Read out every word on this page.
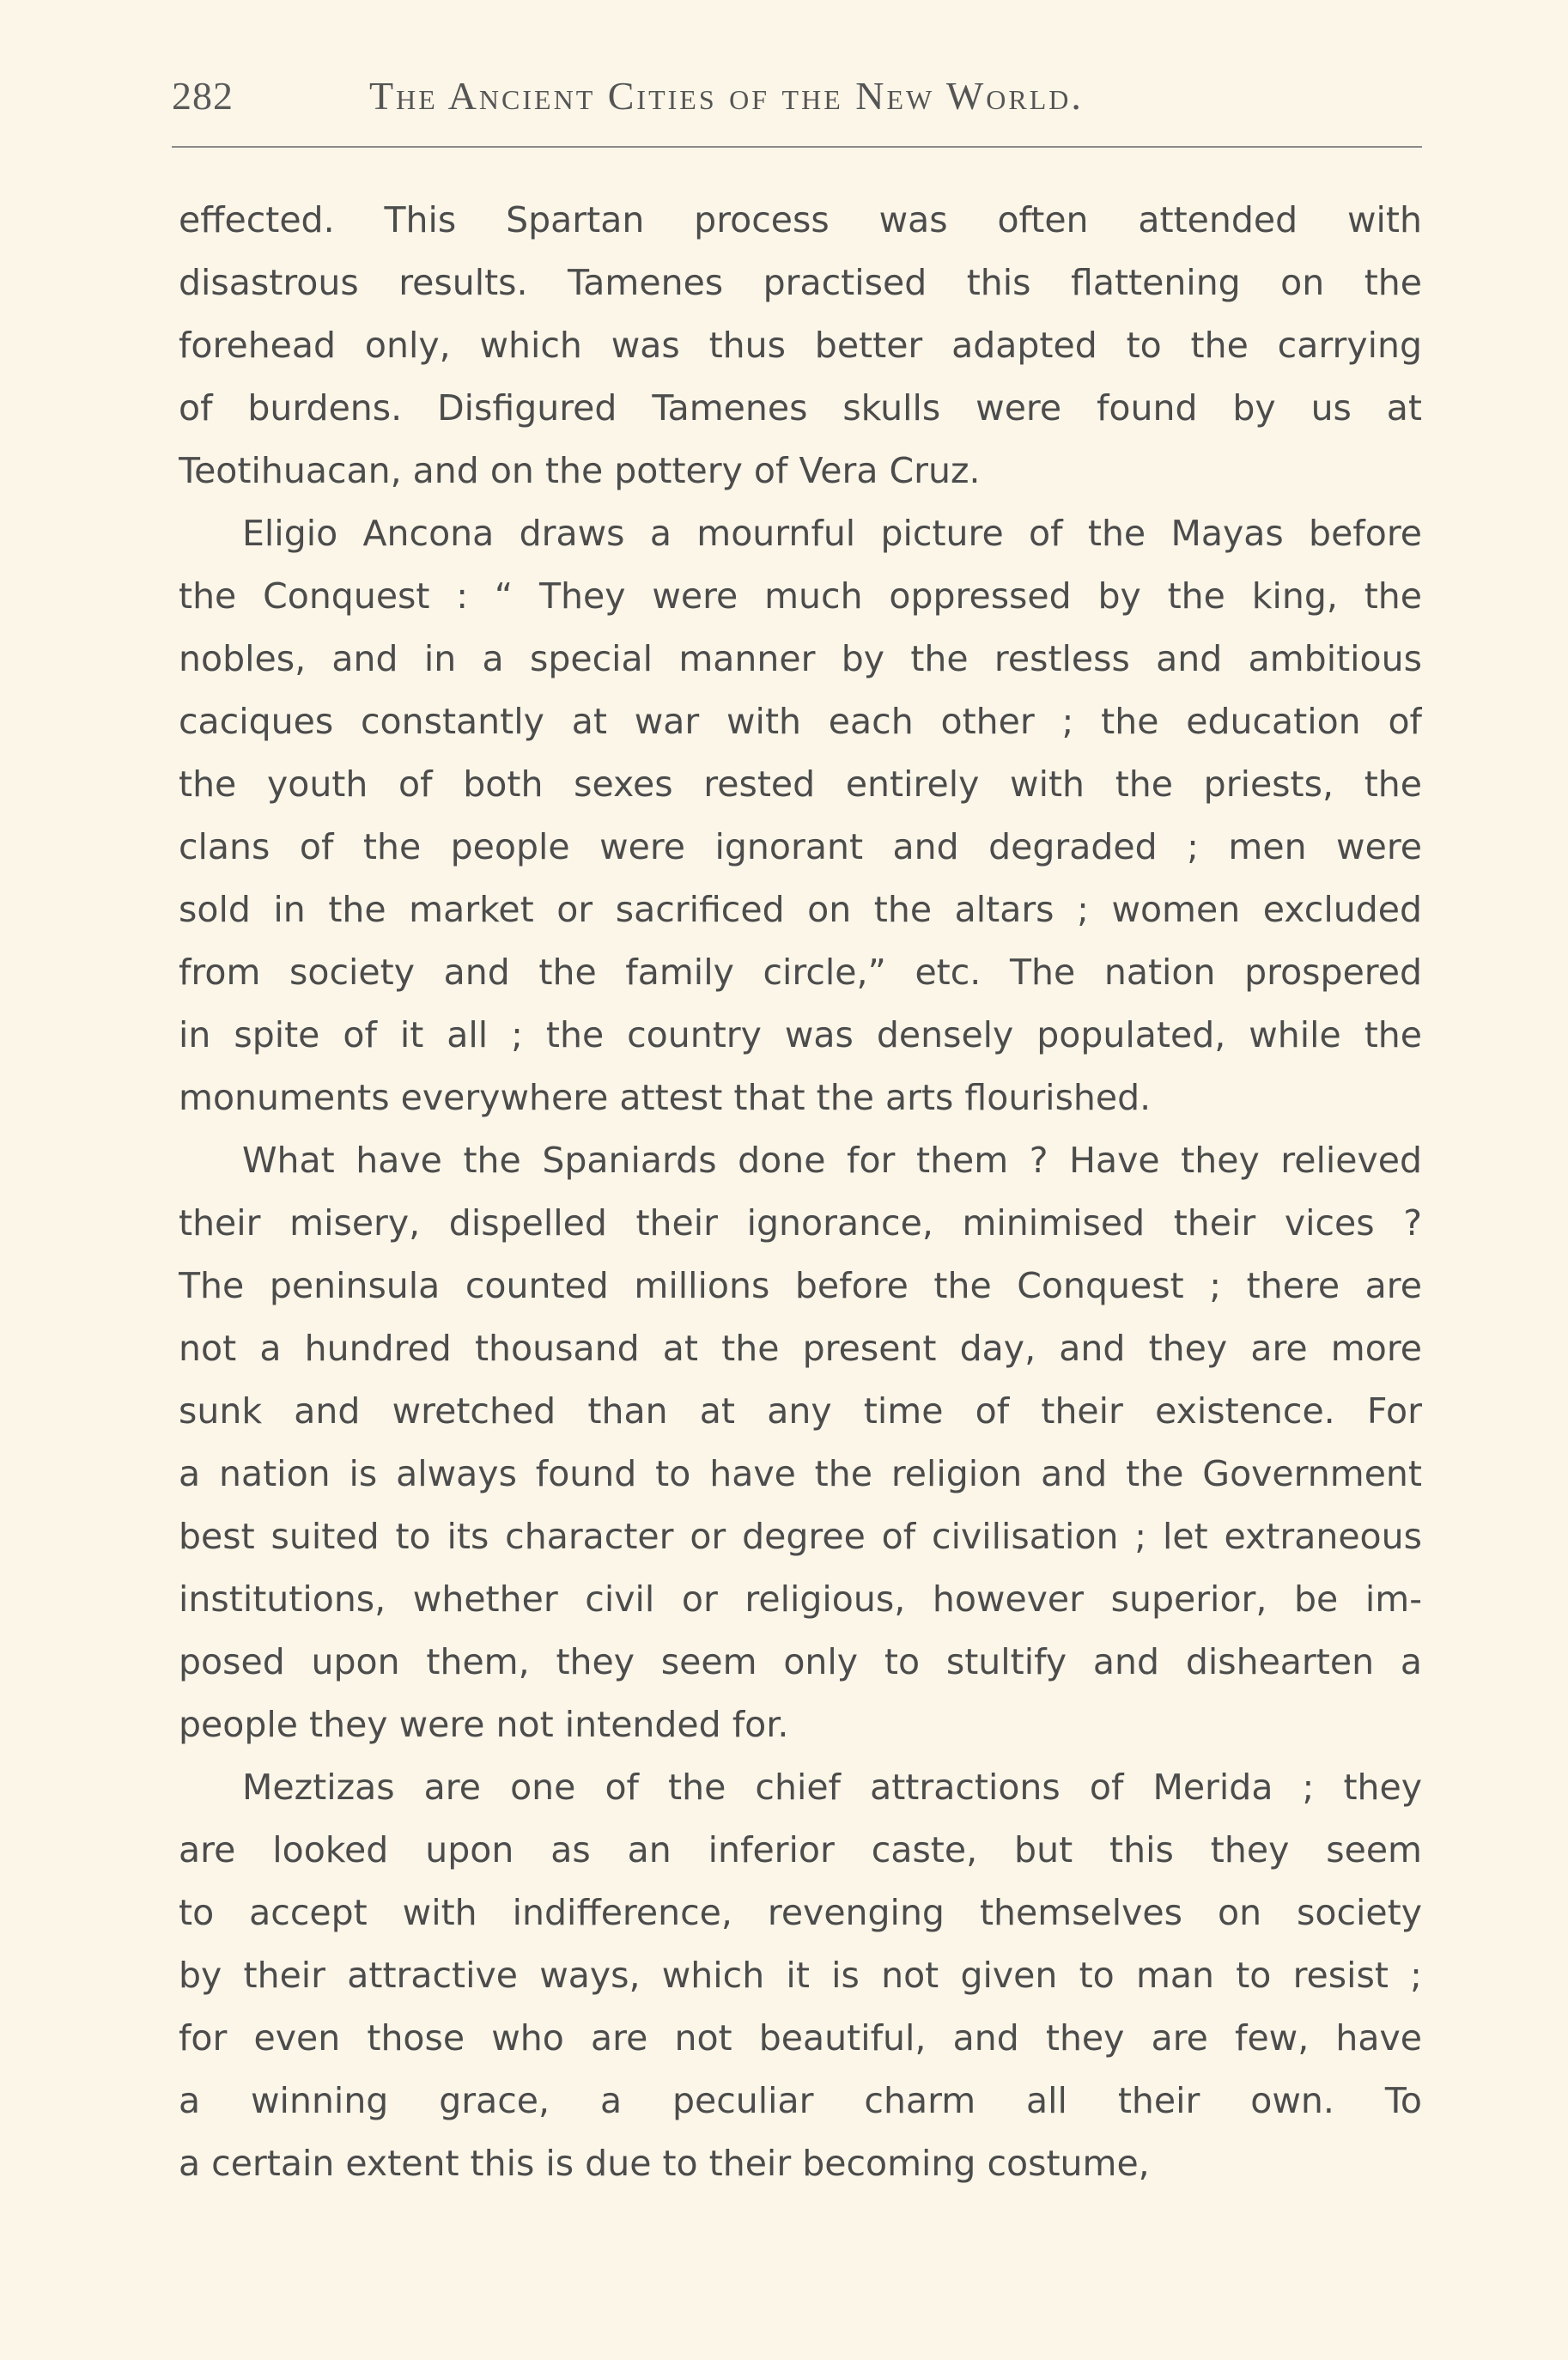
282	The Ancient Cities of the New World.
effected. This Spartan process was often attended with
disastrous results. Tamenes practised this flattening on the
forehead only, which was thus better adapted to the carrying
of burdens. Disfigured Tamenes skulls were found by us at
Teotihuacan, and on the pottery of Vera Cruz.
Eligio Ancona draws a mournful picture of the Mayas before
the Conquest : “ They were much oppressed by the king, the
nobles, and in a special manner by the restless and ambitious
caciques constantly at war with each other ; the education of
the youth of both sexes rested entirely with the priests, the
clans of the people were ignorant and degraded ; men were
sold in the market or sacrificed on the altars ; women excluded
from society and the family circle,” etc. The nation prospered
in spite of it all ; the country was densely populated, while the
monuments everywhere attest that the arts flourished.
What have the Spaniards done for them ? Have they relieved
their misery, dispelled their ignorance, minimised their vices ?
The peninsula counted millions before the Conquest ; there are
not a hundred thousand at the present day, and they are more
sunk and wretched than at any time of their existence. For
a nation is always found to have the religion and the Government
best suited to its character or degree of civilisation ; let extraneous
institutions, whether civil or religious, however superior, be im-
posed upon them, they seem only to stultify and dishearten a
people they were not intended for.
Meztizas are one of the chief attractions of Merida ; they
are looked upon as an inferior caste, but this they seem
to accept with indifference, revenging themselves on society
by their attractive ways, which it is not given to man to resist ;
for even those who are not beautiful, and they are few, have
a winning grace, a peculiar charm all their own. To
a certain extent this is due to their becoming costume,
